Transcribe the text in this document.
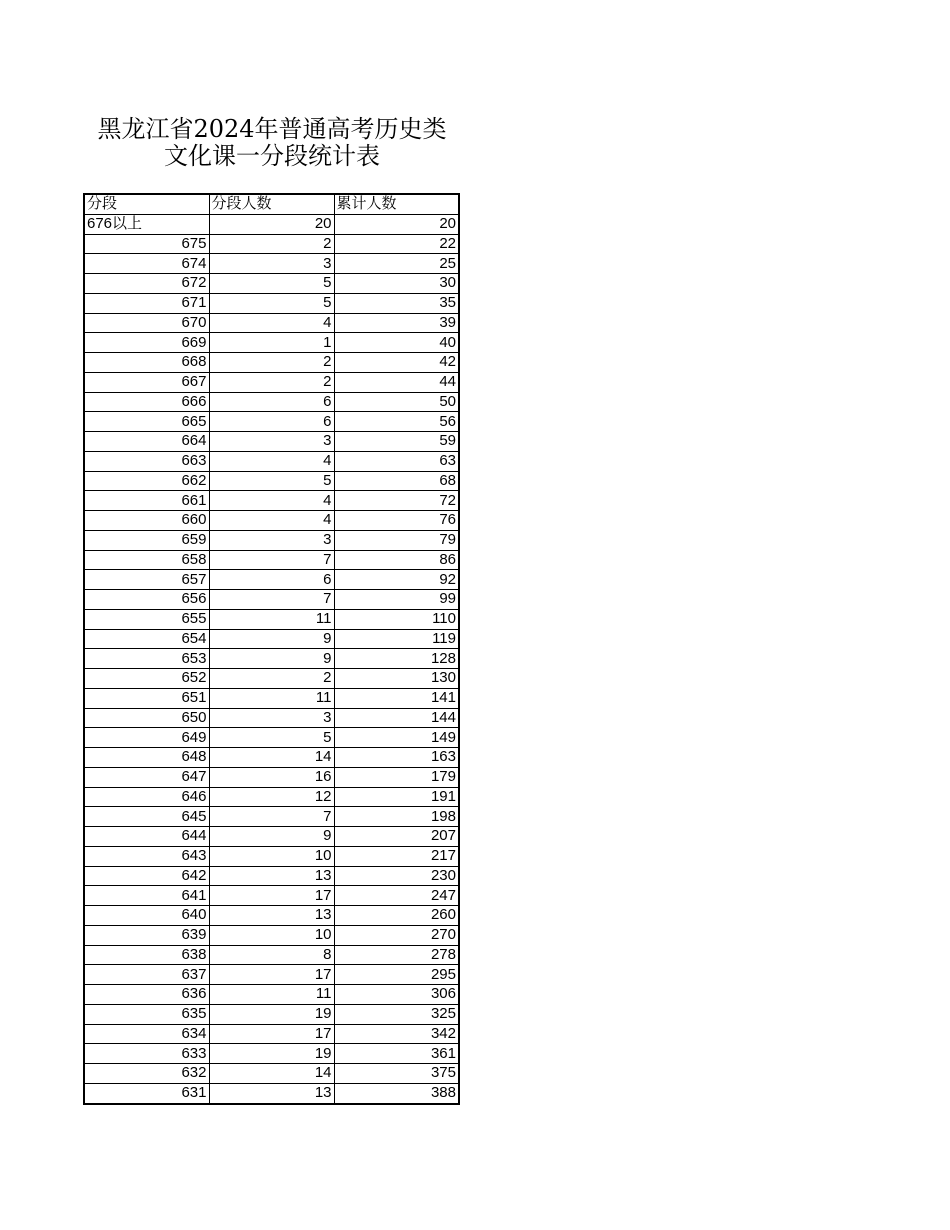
黑龙江省2024年普通高考历史类
文化课一分段统计表
分段	分段人数	累计人数
676以上	20	20
675	2	22
674	3	25
672	5	30
671	5	35
670	4	39
669	1	40
668	2	42
667	2	44
666	6	50
665	6	56
664	3	59
663	4	63
662	5	68
661	4	72
660	4	76
659	3	79
658	7	86
657	6	92
656	7	99
655	11	110
654	9	119
653	9	128
652	2	130
651	11	141
650	3	144
649	5	149
648	14	163
647	16	179
646	12	191
645	7	198
644	9	207
643	10	217
642	13	230
641	17	247
640	13	260
639	10	270
638	8	278
637	17	295
636	11	306
635	19	325
634	17	342
633	19	361
632	14	375
631	13	388
